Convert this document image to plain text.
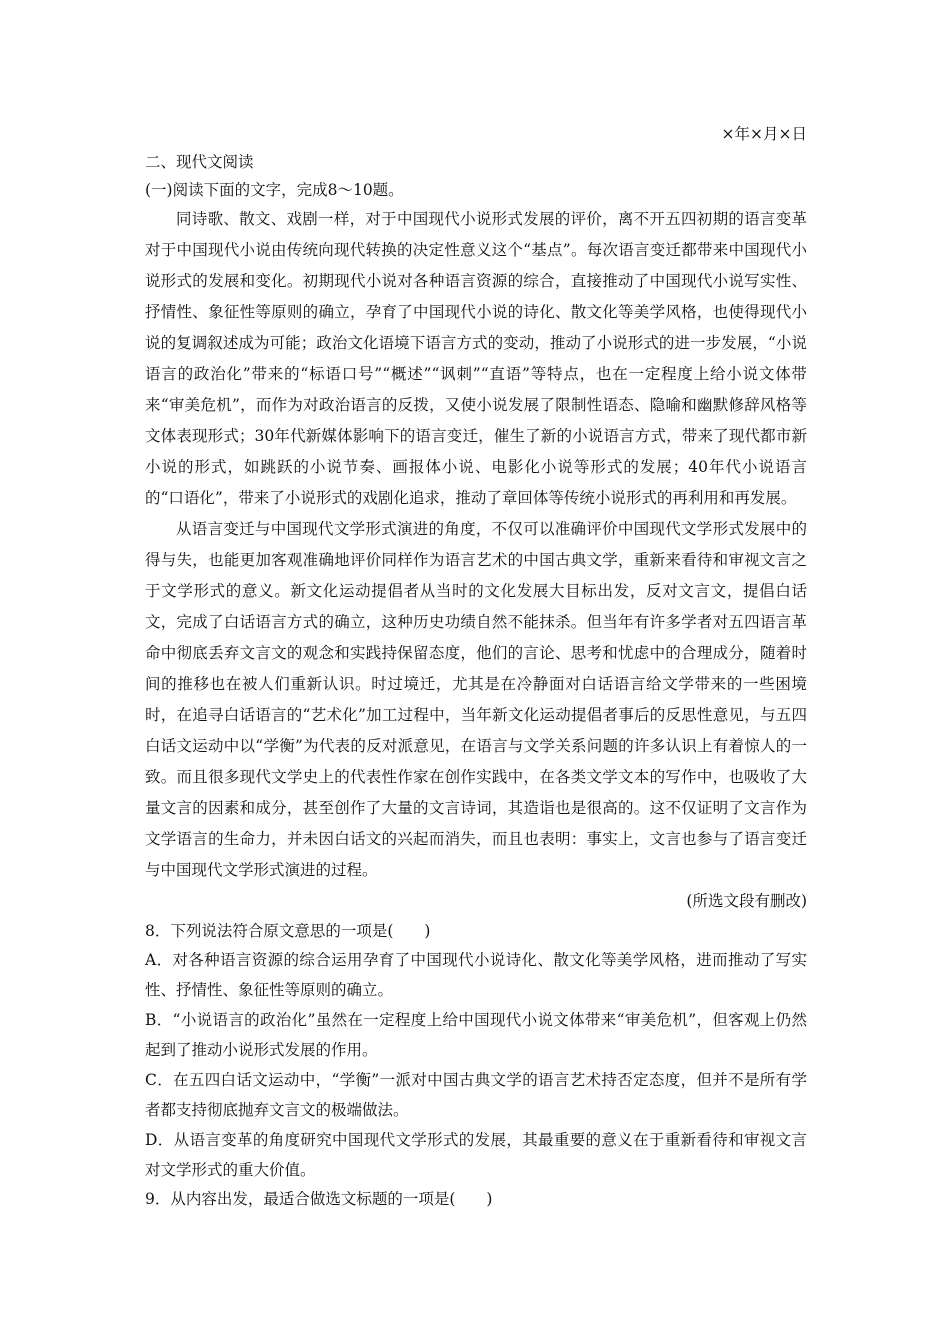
×年×月×日

二、现代文阅读

(一)阅读下面的文字，完成8～10题。

同诗歌、散文、戏剧一样，对于中国现代小说形式发展的评价，离不开五四初期的语言变革对于中国现代小说由传统向现代转换的决定性意义这个“基点”。每次语言变迁都带来中国现代小说形式的发展和变化。初期现代小说对各种语言资源的综合，直接推动了中国现代小说写实性、抒情性、象征性等原则的确立，孕育了中国现代小说的诗化、散文化等美学风格，也使得现代小说的复调叙述成为可能；政治文化语境下语言方式的变动，推动了小说形式的进一步发展，“小说语言的政治化”带来的“标语口号”“概述”“讽刺”“直语”等特点，也在一定程度上给小说文体带来“审美危机”，而作为对政治语言的反拨，又使小说发展了限制性语态、隐喻和幽默修辞风格等文体表现形式；30年代新媒体影响下的语言变迁，催生了新的小说语言方式，带来了现代都市新小说的形式，如跳跃的小说节奏、画报体小说、电影化小说等形式的发展；40年代小说语言的“口语化”，带来了小说形式的戏剧化追求，推动了章回体等传统小说形式的再利用和再发展。

从语言变迁与中国现代文学形式演进的角度，不仅可以准确评价中国现代文学形式发展中的得与失，也能更加客观准确地评价同样作为语言艺术的中国古典文学，重新来看待和审视文言之于文学形式的意义。新文化运动提倡者从当时的文化发展大目标出发，反对文言文，提倡白话文，完成了白话语言方式的确立，这种历史功绩自然不能抹杀。但当年有许多学者对五四语言革命中彻底丢弃文言文的观念和实践持保留态度，他们的言论、思考和忧虑中的合理成分，随着时间的推移也在被人们重新认识。时过境迁，尤其是在冷静面对白话语言给文学带来的一些困境时，在追寻白话语言的“艺术化”加工过程中，当年新文化运动提倡者事后的反思性意见，与五四白话文运动中以“学衡”为代表的反对派意见，在语言与文学关系问题的许多认识上有着惊人的一致。而且很多现代文学史上的代表性作家在创作实践中，在各类文学文本的写作中，也吸收了大量文言的因素和成分，甚至创作了大量的文言诗词，其造诣也是很高的。这不仅证明了文言作为文学语言的生命力，并未因白话文的兴起而消失，而且也表明：事实上，文言也参与了语言变迁与中国现代文学形式演进的过程。

(所选文段有删改)

8．下列说法符合原文意思的一项是(　　)

A．对各种语言资源的综合运用孕育了中国现代小说诗化、散文化等美学风格，进而推动了写实性、抒情性、象征性等原则的确立。

B．“小说语言的政治化”虽然在一定程度上给中国现代小说文体带来“审美危机”，但客观上仍然起到了推动小说形式发展的作用。

C．在五四白话文运动中，“学衡”一派对中国古典文学的语言艺术持否定态度，但并不是所有学者都支持彻底抛弃文言文的极端做法。

D．从语言变革的角度研究中国现代文学形式的发展，其最重要的意义在于重新看待和审视文言对文学形式的重大价值。

9．从内容出发，最适合做选文标题的一项是(　　)
